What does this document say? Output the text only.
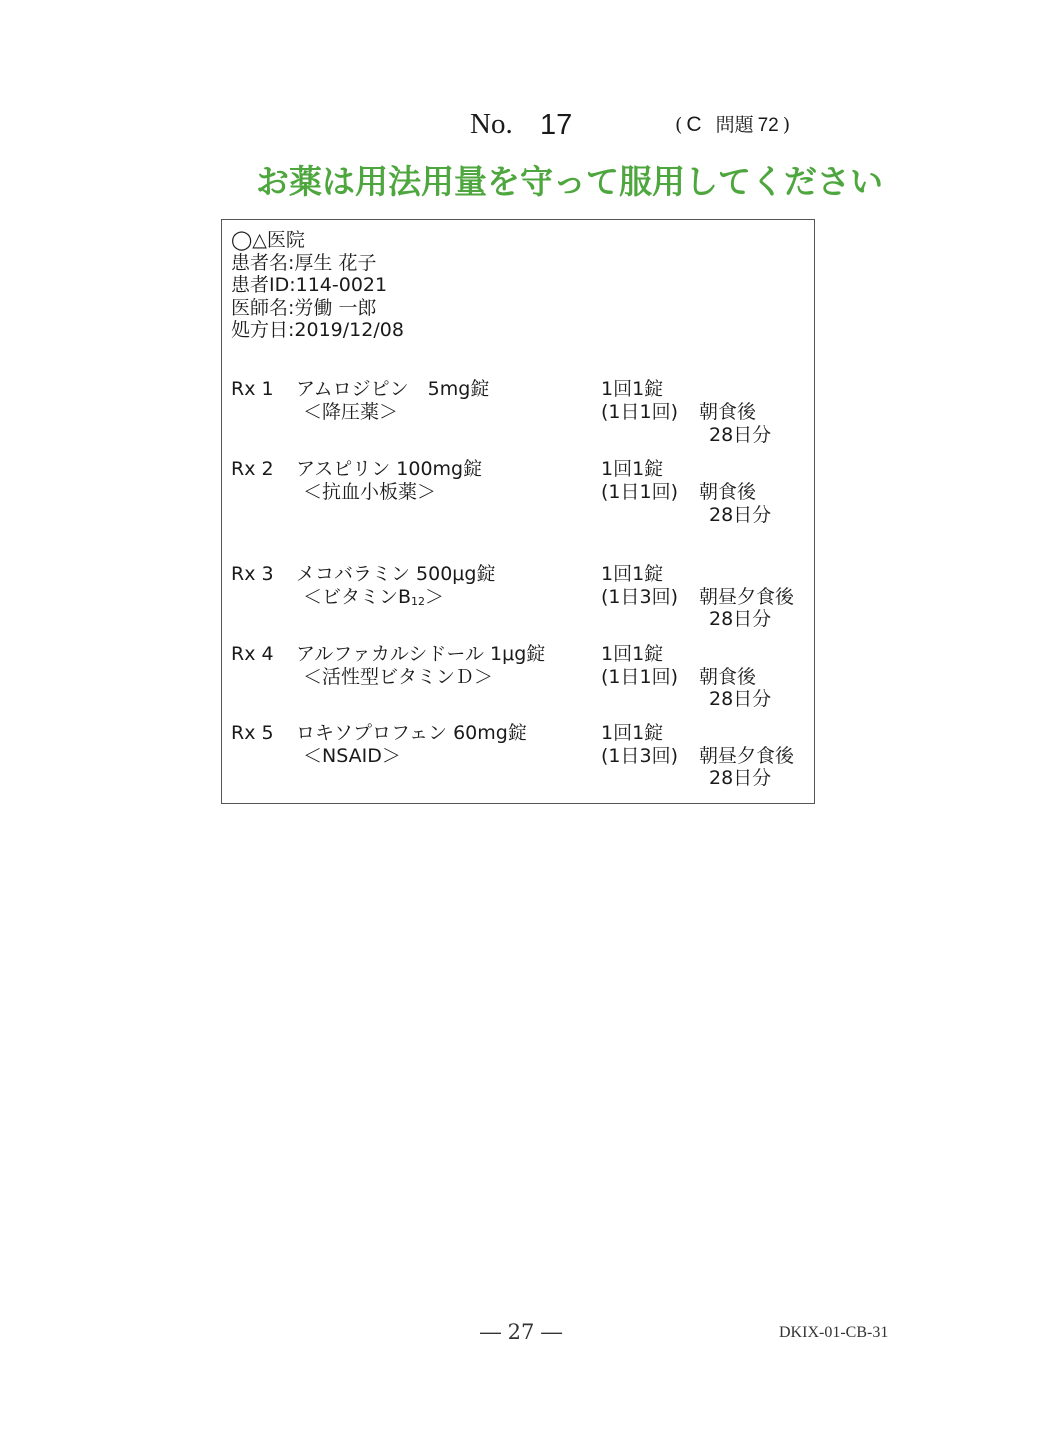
No. 17	( C 問題 72 )
お薬は用法用量を守って服用してください
◯△医院
患者名:厚生 花子
患者ID:114-0021
医師名:労働 一郎
処方日:2019/12/08
Rx 1 アムロジピン　5mg錠
＜降圧薬＞
1回1錠
(1日1回) 朝食後
28日分
Rx 2 アスピリン 100mg錠
＜抗血小板薬＞
1回1錠
(1日1回) 朝食後
28日分
Rx 3 メコバラミン 500μg錠
＜ビタミンB12＞
1回1錠
(1日3回) 朝昼夕食後
28日分
Rx 4 アルファカルシドール 1μg錠
＜活性型ビタミンＤ＞
1回1錠
(1日1回) 朝食後
28日分
Rx 5 ロキソプロフェン 60mg錠
＜NSAID＞
1回1錠
(1日3回) 朝昼夕食後
28日分
― 27 ―	DKIX-01-CB-31
